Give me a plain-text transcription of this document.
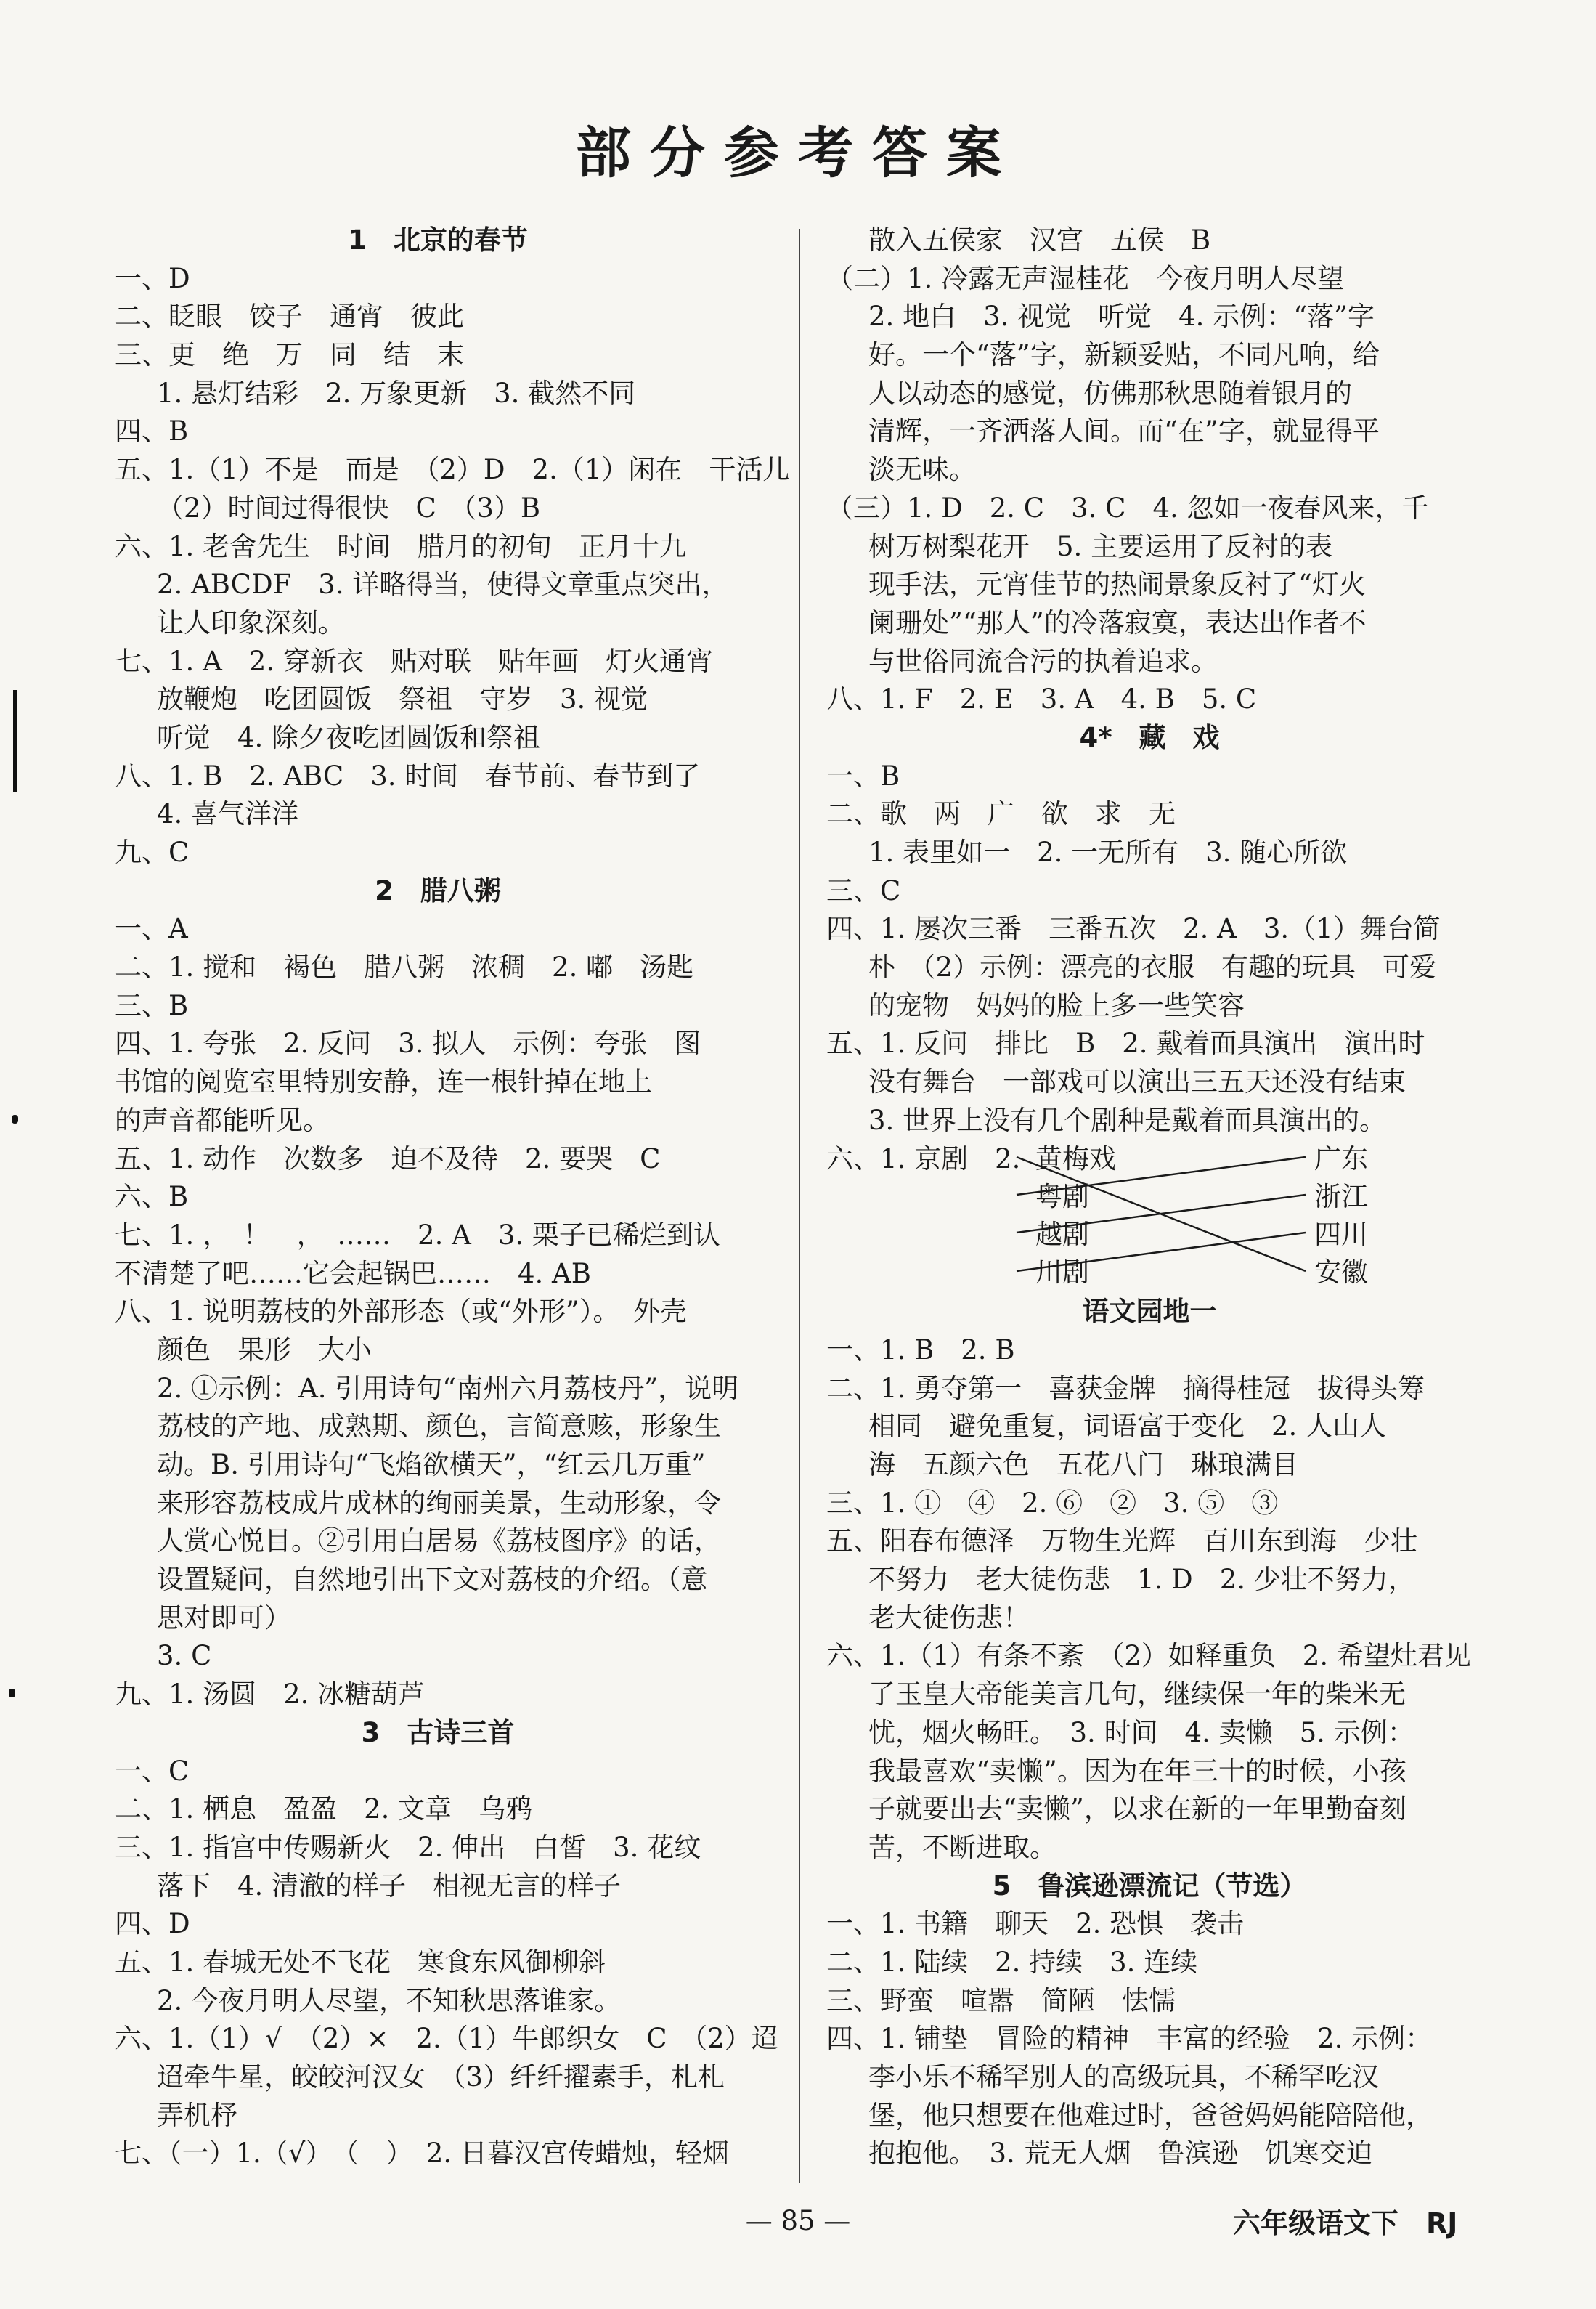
部分参考答案
1　北京的春节
一、D
二、眨眼　饺子　通宵　彼此
三、更　绝　万　同　结　末
1. 悬灯结彩　2. 万象更新　3. 截然不同
四、B
五、1.（1）不是　而是　（2）D　2.（1）闲在　干活儿
（2）时间过得很快　C　（3）B
六、1. 老舍先生　时间　腊月的初旬　正月十九
2. ABCDF　3. 详略得当，使得文章重点突出，
让人印象深刻。
七、1. A　2. 穿新衣　贴对联　贴年画　灯火通宵
放鞭炮　吃团圆饭　祭祖　守岁　3. 视觉
听觉　4. 除夕夜吃团圆饭和祭祖
八、1. B　2. ABC　3. 时间　春节前、春节到了
4. 喜气洋洋
九、C
2　腊八粥
一、A
二、1. 搅和　褐色　腊八粥　浓稠　2. 嘟　汤匙
三、B
四、1. 夸张　2. 反问　3. 拟人　示例：夸张　图
书馆的阅览室里特别安静，连一根针掉在地上
的声音都能听见。
五、1. 动作　次数多　迫不及待　2. 要哭　C
六、B
七、1. ，　！　，　……　2. A　3. 栗子已稀烂到认
不清楚了吧……它会起锅巴……　4. AB
八、1. 说明荔枝的外部形态（或“外形”）。　外壳
颜色　果形　大小
2. ①示例：A. 引用诗句“南州六月荔枝丹”，说明
荔枝的产地、成熟期、颜色，言简意赅，形象生
动。B. 引用诗句“飞焰欲横天”，“红云几万重”
来形容荔枝成片成林的绚丽美景，生动形象，令
人赏心悦目。②引用白居易《荔枝图序》的话，
设置疑问，自然地引出下文对荔枝的介绍。（意
思对即可）
3. C
九、1. 汤圆　2. 冰糖葫芦
3　古诗三首
一、C
二、1. 栖息　盈盈　2. 文章　乌鸦
三、1. 指宫中传赐新火　2. 伸出　白皙　3. 花纹
落下　4. 清澈的样子　相视无言的样子
四、D
五、1. 春城无处不飞花　寒食东风御柳斜
2. 今夜月明人尽望，不知秋思落谁家。
六、1.（1）√　（2）×　2.（1）牛郎织女　C　（2）迢
迢牵牛星，皎皎河汉女　（3）纤纤擢素手，札札
弄机杼
七、（一）1.（√）　（　）　2. 日暮汉宫传蜡烛，轻烟
散入五侯家　汉宫　五侯　B
（二）1. 冷露无声湿桂花　今夜月明人尽望
2. 地白　3. 视觉　听觉　4. 示例：“落”字
好。一个“落”字，新颖妥贴，不同凡响，给
人以动态的感觉，仿佛那秋思随着银月的
清辉，一齐洒落人间。而“在”字，就显得平
淡无味。
（三）1. D　2. C　3. C　4. 忽如一夜春风来，千
树万树梨花开　5. 主要运用了反衬的表
现手法，元宵佳节的热闹景象反衬了“灯火
阑珊处”“那人”的冷落寂寞，表达出作者不
与世俗同流合污的执着追求。
八、1. F　2. E　3. A　4. B　5. C
4*　藏　戏
一、B
二、歌　两　广　欲　求　无
1. 表里如一　2. 一无所有　3. 随心所欲
三、C
四、1. 屡次三番　三番五次　2. A　3.（1）舞台简
朴　（2）示例：漂亮的衣服　有趣的玩具　可爱
的宠物　妈妈的脸上多一些笑容
五、1. 反问　排比　B　2. 戴着面具演出　演出时
没有舞台　一部戏可以演出三五天还没有结束
3. 世界上没有几个剧种是戴着面具演出的。
语文园地一
一、1. B　2. B
二、1. 勇夺第一　喜获金牌　摘得桂冠　拔得头筹
相同　避免重复，词语富于变化　2. 人山人
海　五颜六色　五花八门　琳琅满目
三、1. ①　④　2. ⑥　②　3. ⑤　③
五、阳春布德泽　万物生光辉　百川东到海　少壮
不努力　老大徒伤悲　1. D　2. 少壮不努力，
老大徒伤悲！
六、1.（1）有条不紊　（2）如释重负　2. 希望灶君见
了玉皇大帝能美言几句，继续保一年的柴米无
忧，烟火畅旺。　3. 时间　4. 卖懒　5. 示例：
我最喜欢“卖懒”。因为在年三十的时候，小孩
子就要出去“卖懒”，以求在新的一年里勤奋刻
苦，不断进取。
5　鲁滨逊漂流记（节选）
一、1. 书籍　聊天　2. 恐惧　袭击
二、1. 陆续　2. 持续　3. 连续
三、野蛮　喧嚣　简陋　怯懦
四、1. 铺垫　冒险的精神　丰富的经验　2. 示例：
李小乐不稀罕别人的高级玩具，不稀罕吃汉
堡，他只想要在他难过时，爸爸妈妈能陪陪他，
抱抱他。　3. 荒无人烟　鲁滨逊　饥寒交迫
六、1. 京剧　2. 黄梅戏
粤剧
越剧
川剧
广东
浙江
四川
安徽
— 85 —	六年级语文下　RJ
